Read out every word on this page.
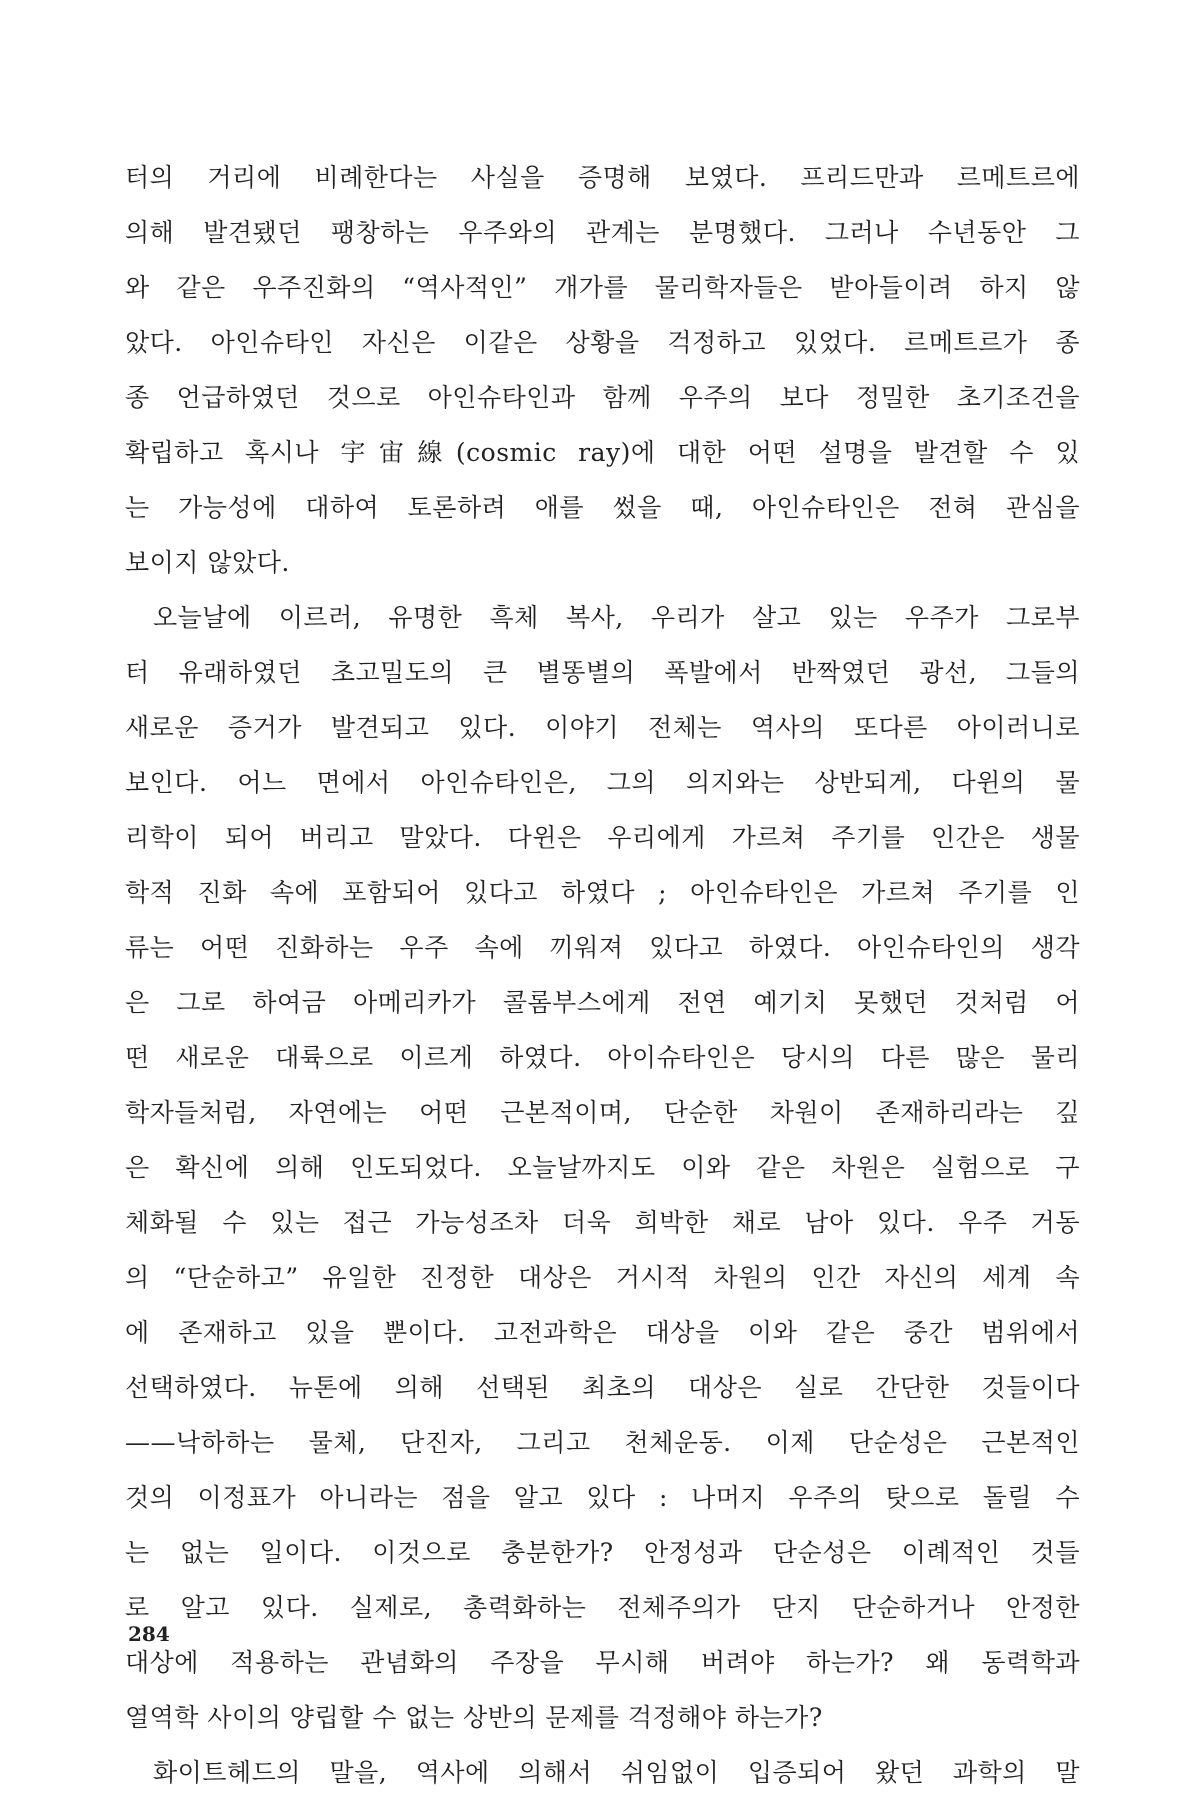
터의 거리에 비례한다는 사실을 증명해 보였다. 프리드만과 르메트르에
의해 발견됐던 팽창하는 우주와의 관계는 분명했다. 그러나 수년동안 그
와 같은 우주진화의 “역사적인” 개가를 물리학자들은 받아들이려 하지 않
았다. 아인슈타인 자신은 이같은 상황을 걱정하고 있었다. 르메트르가 종
종 언급하였던 것으로 아인슈타인과 함께 우주의 보다 정밀한 초기조건을
확립하고 혹시나 宇宙線(cosmic ray)에 대한 어떤 설명을 발견할 수 있
는 가능성에 대하여 토론하려 애를 썼을 때, 아인슈타인은 전혀 관심을
보이지 않았다.
오늘날에 이르러, 유명한 흑체 복사, 우리가 살고 있는 우주가 그로부
터 유래하였던 초고밀도의 큰 별똥별의 폭발에서 반짝였던 광선, 그들의
새로운 증거가 발견되고 있다. 이야기 전체는 역사의 또다른 아이러니로
보인다. 어느 면에서 아인슈타인은, 그의 의지와는 상반되게, 다윈의 물
리학이 되어 버리고 말았다. 다윈은 우리에게 가르쳐 주기를 인간은 생물
학적 진화 속에 포함되어 있다고 하였다 ; 아인슈타인은 가르쳐 주기를 인
류는 어떤 진화하는 우주 속에 끼워져 있다고 하였다. 아인슈타인의 생각
은 그로 하여금 아메리카가 콜롬부스에게 전연 예기치 못했던 것처럼 어
떤 새로운 대륙으로 이르게 하였다. 아이슈타인은 당시의 다른 많은 물리
학자들처럼, 자연에는 어떤 근본적이며, 단순한 차원이 존재하리라는 깊
은 확신에 의해 인도되었다. 오늘날까지도 이와 같은 차원은 실험으로 구
체화될 수 있는 접근 가능성조차 더욱 희박한 채로 남아 있다. 우주 거동
의 “단순하고” 유일한 진정한 대상은 거시적 차원의 인간 자신의 세계 속
에 존재하고 있을 뿐이다. 고전과학은 대상을 이와 같은 중간 범위에서
선택하였다. 뉴톤에 의해 선택된 최초의 대상은 실로 간단한 것들이다
——낙하하는 물체, 단진자, 그리고 천체운동. 이제 단순성은 근본적인
것의 이정표가 아니라는 점을 알고 있다 : 나머지 우주의 탓으로 돌릴 수
는 없는 일이다. 이것으로 충분한가? 안정성과 단순성은 이례적인 것들
로 알고 있다. 실제로, 총력화하는 전체주의가 단지 단순하거나 안정한
대상에 적용하는 관념화의 주장을 무시해 버려야 하는가? 왜 동력학과
열역학 사이의 양립할 수 없는 상반의 문제를 걱정해야 하는가?
화이트헤드의 말을, 역사에 의해서 쉬임없이 입증되어 왔던 과학의 말
284
